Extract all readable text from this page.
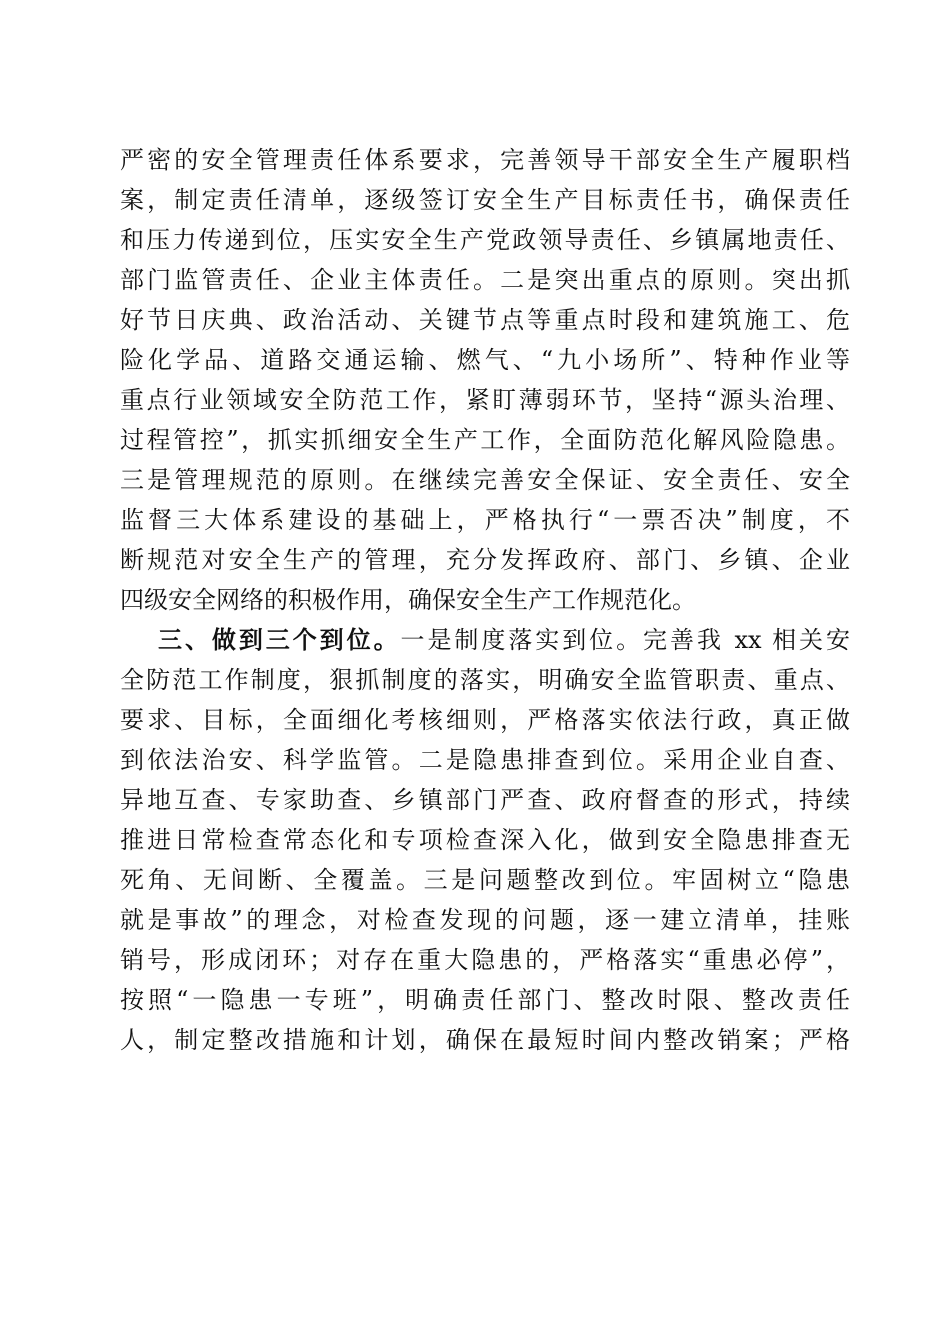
严密的安全管理责任体系要求，完善领导干部安全生产履职档
案，制定责任清单，逐级签订安全生产目标责任书，确保责任
和压力传递到位，压实安全生产党政领导责任、乡镇属地责任、
部门监管责任、企业主体责任。二是突出重点的原则。突出抓
好节日庆典、政治活动、关键节点等重点时段和建筑施工、危
险化学品、道路交通运输、燃气、“九小场所”、特种作业等
重点行业领域安全防范工作，紧盯薄弱环节，坚持“源头治理、
过程管控”，抓实抓细安全生产工作，全面防范化解风险隐患。
三是管理规范的原则。在继续完善安全保证、安全责任、安全
监督三大体系建设的基础上，严格执行“一票否决”制度，不
断规范对安全生产的管理，充分发挥政府、部门、乡镇、企业
四级安全网络的积极作用，确保安全生产工作规范化。
三、做到三个到位。一是制度落实到位。完善我 xx 相关安
全防范工作制度，狠抓制度的落实，明确安全监管职责、重点、
要求、目标，全面细化考核细则，严格落实依法行政，真正做
到依法治安、科学监管。二是隐患排查到位。采用企业自查、
异地互查、专家助查、乡镇部门严查、政府督查的形式，持续
推进日常检查常态化和专项检查深入化，做到安全隐患排查无
死角、无间断、全覆盖。三是问题整改到位。牢固树立“隐患
就是事故”的理念，对检查发现的问题，逐一建立清单，挂账
销号，形成闭环；对存在重大隐患的，严格落实“重患必停”，
按照“一隐患一专班”，明确责任部门、整改时限、整改责任
人，制定整改措施和计划，确保在最短时间内整改销案；严格
